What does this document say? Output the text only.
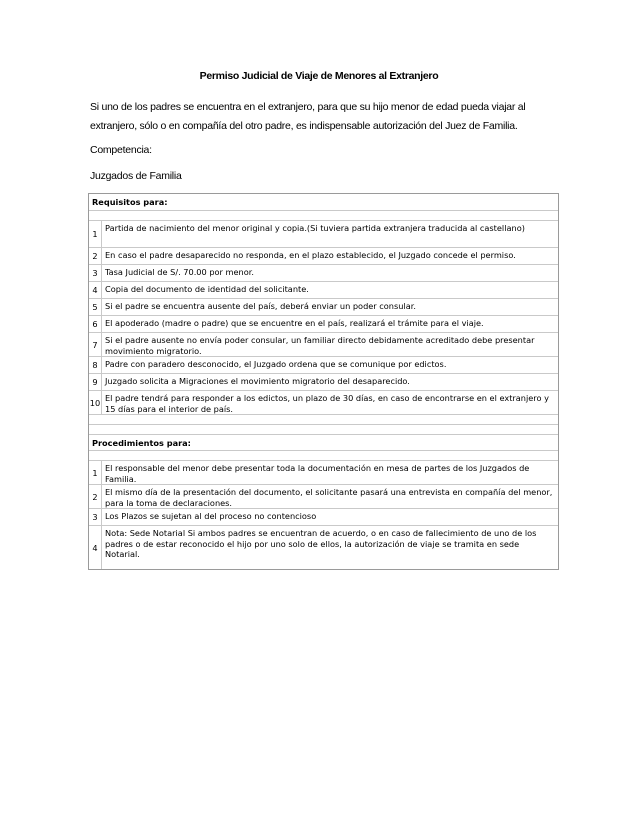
Permiso Judicial de Viaje de Menores al Extranjero
Si uno de los padres se encuentra en el extranjero, para que su hijo menor de edad pueda viajar al extranjero, sólo o en compañía del otro padre, es indispensable autorización del Juez de Familia.
Competencia:
Juzgados de Familia
Requisitos para:
1
Partida de nacimiento del menor original y copia.(Si tuviera partida extranjera traducida al castellano)
2 En caso el padre desaparecido no responda, en el plazo establecido, el Juzgado concede el permiso.
3 Tasa Judicial de S/. 70.00 por menor.
4 Copia del documento de identidad del solicitante.
5 Si el padre se encuentra ausente del país, deberá enviar un poder consular.
6 El apoderado (madre o padre) que se encuentre en el país, realizará el trámite para el viaje.
7 Si el padre ausente no envía poder consular, un familiar directo debidamente acreditado debe presentar movimiento migratorio.
8 Padre con paradero desconocido, el Juzgado ordena que se comunique por edictos.
9 Juzgado solicita a Migraciones el movimiento migratorio del desaparecido.
10 El padre tendrá para responder a los edictos, un plazo de 30 días, en caso de encontrarse en el extranjero y 15 días para el interior de país.
Procedimientos para:
1 El responsable del menor debe presentar toda la documentación en mesa de partes de los Juzgados de Familia.
2 El mismo día de la presentación del documento, el solicitante pasará una entrevista en compañía del menor, para la toma de declaraciones.
3 Los Plazos se sujetan al del proceso no contencioso
4
Nota: Sede Notarial Si ambos padres se encuentran de acuerdo, o en caso de fallecimiento de uno de los padres o de estar reconocido el hijo por uno solo de ellos, la autorización de viaje se tramita en sede Notarial.
